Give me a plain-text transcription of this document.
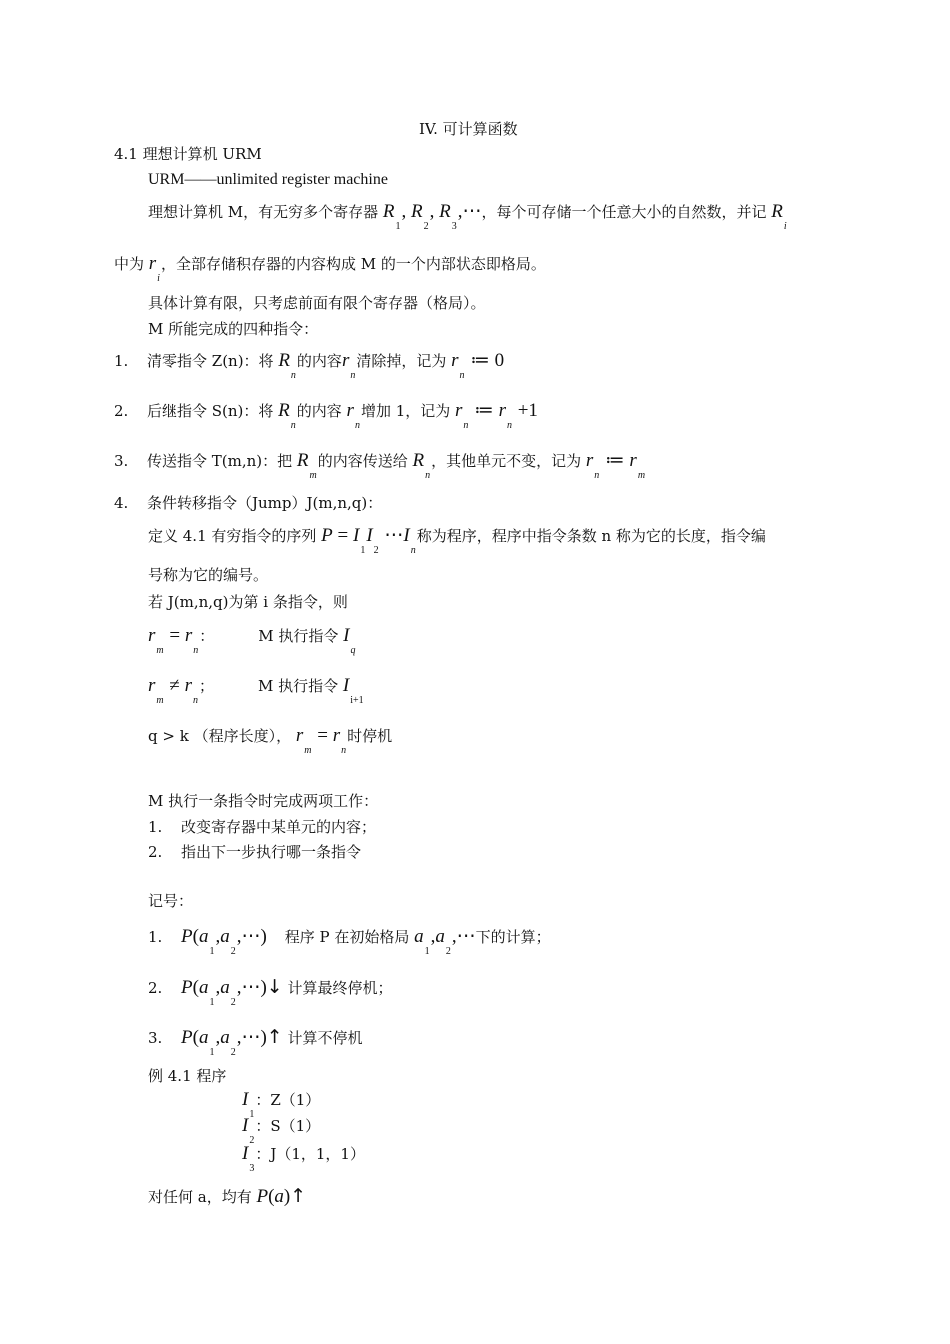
IV. 可计算函数
4.1 理想计算机 URM
URM——unlimited register machine
理想计算机 M，有无穷多个寄存器 $R_1$, $R_2$, $R_3,\cdots$，每个可存储一个任意大小的自然数，并记 $R_i$
中为 $r_i$，全部存储积存器的内容构成 M 的一个内部状态即格局。
具体计算有限，只考虑前面有限个寄存器（格局）。
M 所能完成的四种指令：
1. 清零指令 Z(n)：将 $R_n$的内容$r_n$清除掉，记为 $r_n$ ≔ 0
2. 后继指令 S(n)：将 $R_n$的内容 $r_n$增加 1，记为 $r_n$ ≔ $r_n +1$
3. 传送指令 T(m,n)：把 $R_m$的内容传送给 $R_n$，其他单元不变，记为 $r_n$ ≔ $r_m$
4. 条件转移指令（Jump）J(m,n,q)：
定义 4.1 有穷指令的序列 $P = I_1I_2$ $\cdots I_n$称为程序，程序中指令条数 n 称为它的长度，指令编
号称为它的编号。
若 J(m,n,q)为第 i 条指令，则
$r_m = r_n$：	M 执行指令 $I_q$
$r_m \ne r_n$；	M 执行指令 $I_{i+1}$
q > k （程序长度）， $r_m = r_n$时停机
M 执行一条指令时完成两项工作：
1. 改变寄存器中某单元的内容；
2. 指出下一步执行哪一条指令
记号：
1. $P(a_1,a_2,\cdots)$ 程序 P 在初始格局 $a_1,a_2,\cdots$下的计算；
2. $P(a_1,a_2,\cdots)↓$ 计算最终停机；
3. $P(a_1,a_2,\cdots)↑$ 计算不停机
例 4.1 程序
$I_1$：Z（1）
$I_2$：S（1）
$I_3$：J（1，1，1）
对任何 a，均有 P(a)↑
